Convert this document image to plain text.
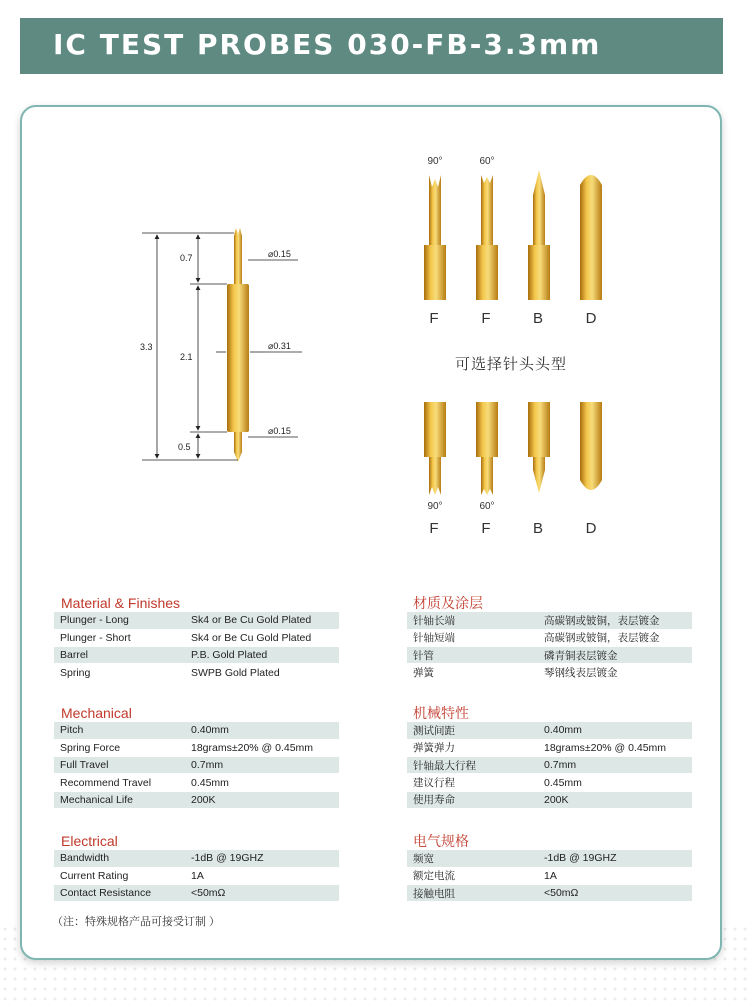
IC TEST PROBES 030-FB-3.3mm
3.3
0.7
2.1
0.5
⌀0.15
⌀0.31
⌀0.15
90°	60°
F	F	B	D
可选择针头头型
90°	60°
F	F	B	D
Material & Finishes
Plunger - Long	Sk4 or Be Cu Gold Plated
Plunger - Short	Sk4 or Be Cu Gold Plated
Barrel	P.B. Gold Plated
Spring	SWPB Gold Plated
Mechanical
Pitch	0.40mm
Spring Force	18grams±20% @ 0.45mm
Full Travel	0.7mm
Recommend Travel	0.45mm
Mechanical Life	200K
Electrical
Bandwidth	-1dB @ 19GHZ
Current Rating	1A
Contact Resistance	<50mΩ
材质及涂层
针轴长端	高碳钢或铍铜，表层镀金
针轴短端	高碳钢或铍铜，表层镀金
针管	磷青铜表层镀金
弹簧	琴钢线表层镀金
机械特性
测试间距	0.40mm
弹簧弹力	18grams±20% @ 0.45mm
针轴最大行程	0.7mm
建议行程	0.45mm
使用寿命	200K
电气规格
频宽	-1dB @ 19GHZ
额定电流	1A
接触电阻	<50mΩ
（注：特殊规格产品可接受订制 ）
